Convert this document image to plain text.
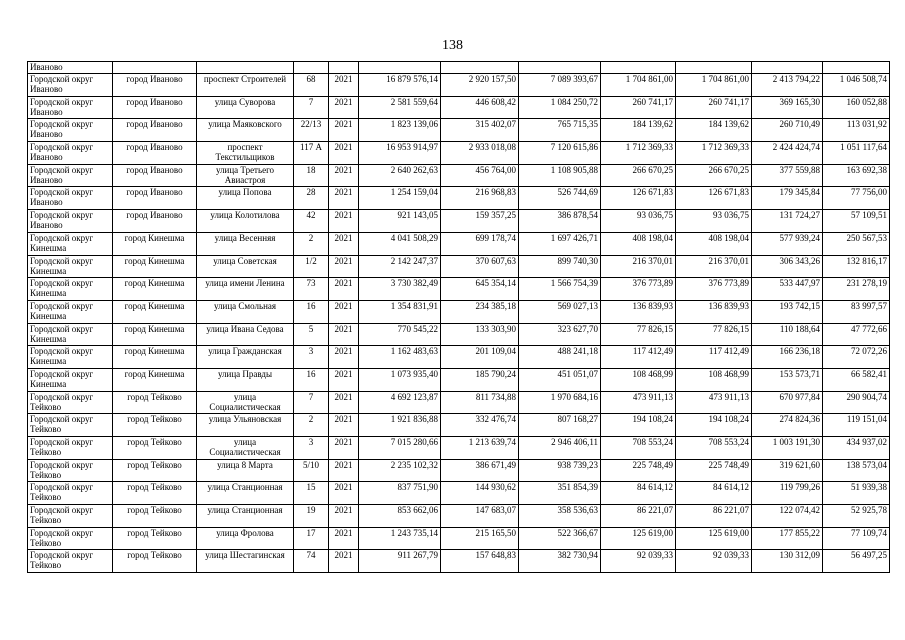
138
Иваново											
Городской округ Иваново	город Иваново	проспект Строителей	68	2021	16 879 576,14	2 920 157,50	7 089 393,67	1 704 861,00	1 704 861,00	2 413 794,22	1 046 508,74
Городской округ Иваново	город Иваново	улица Суворова	7	2021	2 581 559,64	446 608,42	1 084 250,72	260 741,17	260 741,17	369 165,30	160 052,88
Городской округ Иваново	город Иваново	улица Маяковского	22/13	2021	1 823 139,06	315 402,07	765 715,35	184 139,62	184 139,62	260 710,49	113 031,92
Городской округ Иваново	город Иваново	проспект Текстильщиков	117 А	2021	16 953 914,97	2 933 018,08	7 120 615,86	1 712 369,33	1 712 369,33	2 424 424,74	1 051 117,64
Городской округ Иваново	город Иваново	улица Третьего Авиастроя	18	2021	2 640 262,63	456 764,00	1 108 905,88	266 670,25	266 670,25	377 559,88	163 692,38
Городской округ Иваново	город Иваново	улица Попова	28	2021	1 254 159,04	216 968,83	526 744,69	126 671,83	126 671,83	179 345,84	77 756,00
Городской округ Иваново	город Иваново	улица Колотилова	42	2021	921 143,05	159 357,25	386 878,54	93 036,75	93 036,75	131 724,27	57 109,51
Городской округ Кинешма	город Кинешма	улица Весенняя	2	2021	4 041 508,29	699 178,74	1 697 426,71	408 198,04	408 198,04	577 939,24	250 567,53
Городской округ Кинешма	город Кинешма	улица Советская	1/2	2021	2 142 247,37	370 607,63	899 740,30	216 370,01	216 370,01	306 343,26	132 816,17
Городской округ Кинешма	город Кинешма	улица имени Ленина	73	2021	3 730 382,49	645 354,14	1 566 754,39	376 773,89	376 773,89	533 447,97	231 278,19
Городской округ Кинешма	город Кинешма	улица Смольная	16	2021	1 354 831,91	234 385,18	569 027,13	136 839,93	136 839,93	193 742,15	83 997,57
Городской округ Кинешма	город Кинешма	улица Ивана Седова	5	2021	770 545,22	133 303,90	323 627,70	77 826,15	77 826,15	110 188,64	47 772,66
Городской округ Кинешма	город Кинешма	улица Гражданская	3	2021	1 162 483,63	201 109,04	488 241,18	117 412,49	117 412,49	166 236,18	72 072,26
Городской округ Кинешма	город Кинешма	улица Правды	16	2021	1 073 935,40	185 790,24	451 051,07	108 468,99	108 468,99	153 573,71	66 582,41
Городской округ Тейково	город Тейково	улица Социалистическая	7	2021	4 692 123,87	811 734,88	1 970 684,16	473 911,13	473 911,13	670 977,84	290 904,74
Городской округ Тейково	город Тейково	улица Ульяновская	2	2021	1 921 836,88	332 476,74	807 168,27	194 108,24	194 108,24	274 824,36	119 151,04
Городской округ Тейково	город Тейково	улица Социалистическая	3	2021	7 015 280,66	1 213 639,74	2 946 406,11	708 553,24	708 553,24	1 003 191,30	434 937,02
Городской округ Тейково	город Тейково	улица 8 Марта	5/10	2021	2 235 102,32	386 671,49	938 739,23	225 748,49	225 748,49	319 621,60	138 573,04
Городской округ Тейково	город Тейково	улица Станционная	15	2021	837 751,90	144 930,62	351 854,39	84 614,12	84 614,12	119 799,26	51 939,38
Городской округ Тейково	город Тейково	улица Станционная	19	2021	853 662,06	147 683,07	358 536,63	86 221,07	86 221,07	122 074,42	52 925,78
Городской округ Тейково	город Тейково	улица Фролова	17	2021	1 243 735,14	215 165,50	522 366,67	125 619,00	125 619,00	177 855,22	77 109,74
Городской округ Тейково	город Тейково	улица Шестагинская	74	2021	911 267,79	157 648,83	382 730,94	92 039,33	92 039,33	130 312,09	56 497,25
